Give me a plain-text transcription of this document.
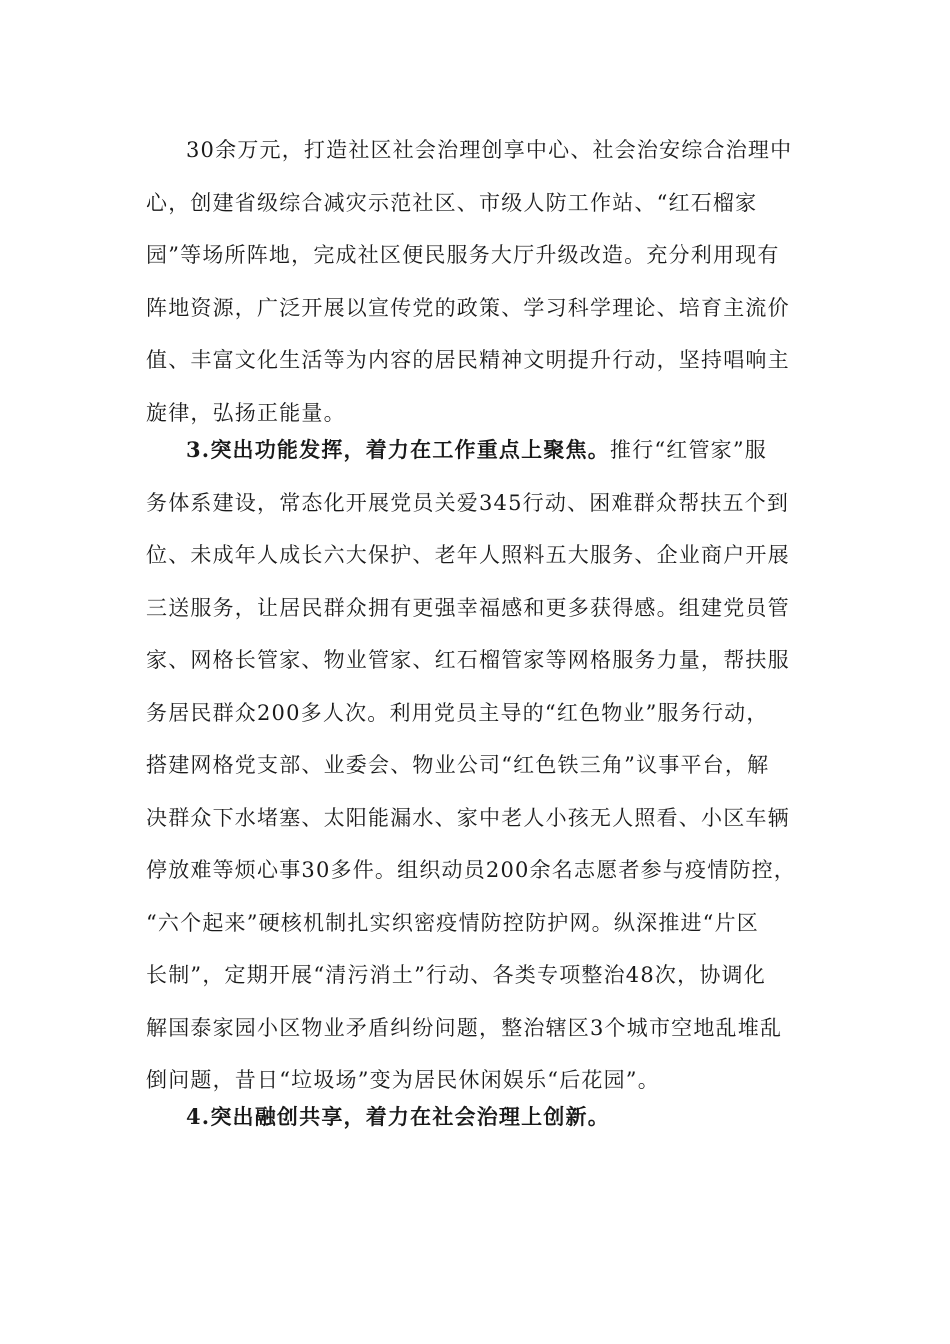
30余万元，打造社区社会治理创享中心、社会治安综合治理中
心，创建省级综合减灾示范社区、市级人防工作站、“红石榴家
园”等场所阵地，完成社区便民服务大厅升级改造。充分利用现有
阵地资源，广泛开展以宣传党的政策、学习科学理论、培育主流价
值、丰富文化生活等为内容的居民精神文明提升行动，坚持唱响主
旋律，弘扬正能量。
3.突出功能发挥，着力在工作重点上聚焦。推行“红管家”服
务体系建设，常态化开展党员关爱345行动、困难群众帮扶五个到
位、未成年人成长六大保护、老年人照料五大服务、企业商户开展
三送服务，让居民群众拥有更强幸福感和更多获得感。组建党员管
家、网格长管家、物业管家、红石榴管家等网格服务力量，帮扶服
务居民群众200多人次。利用党员主导的“红色物业”服务行动，
搭建网格党支部、业委会、物业公司“红色铁三角”议事平台，解
决群众下水堵塞、太阳能漏水、家中老人小孩无人照看、小区车辆
停放难等烦心事30多件。组织动员200余名志愿者参与疫情防控，
“六个起来”硬核机制扎实织密疫情防控防护网。纵深推进“片区
长制”，定期开展“清污消土”行动、各类专项整治48次，协调化
解国泰家园小区物业矛盾纠纷问题，整治辖区3个城市空地乱堆乱
倒问题，昔日“垃圾场”变为居民休闲娱乐“后花园”。
4.突出融创共享，着力在社会治理上创新。
